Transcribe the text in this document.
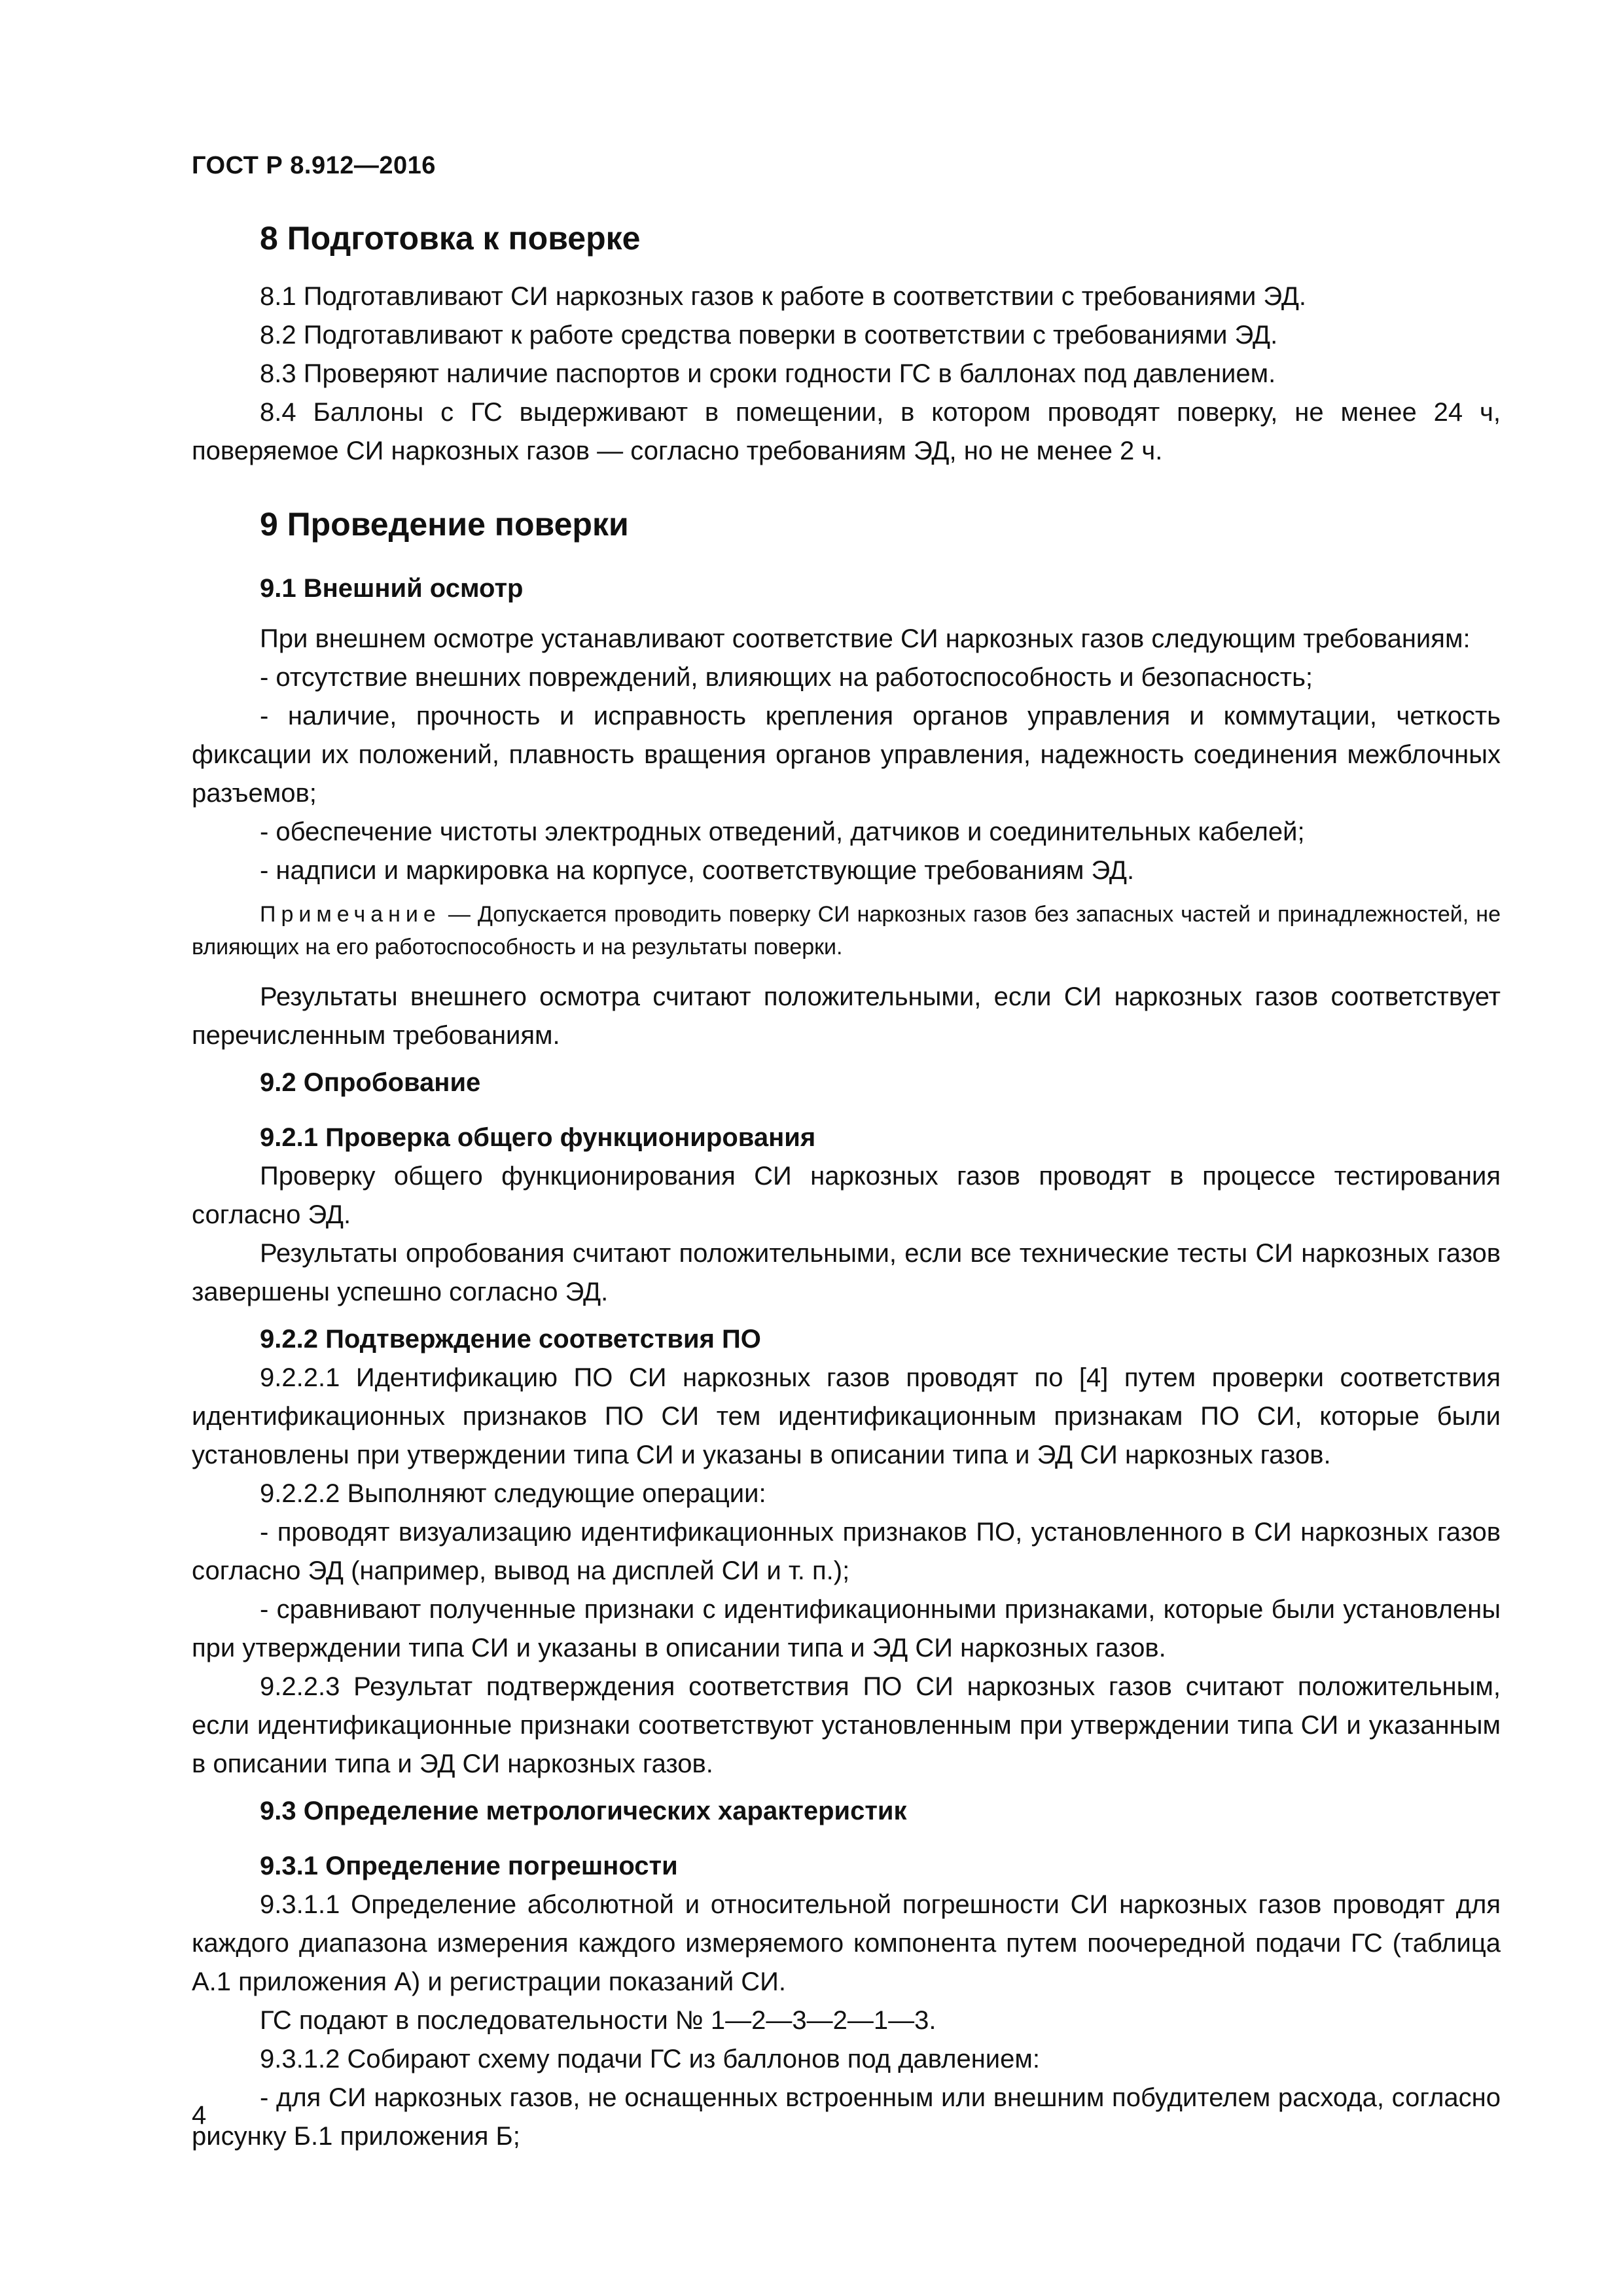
ГОСТ Р 8.912—2016
8 Подготовка к поверке

8.1 Подготавливают СИ наркозных газов к работе в соответствии с требованиями ЭД.

8.2 Подготавливают к работе средства поверки в соответствии с требованиями ЭД.

8.3 Проверяют наличие паспортов и сроки годности ГС в баллонах под давлением.

8.4 Баллоны с ГС выдерживают в помещении, в котором проводят поверку, не менее 24 ч, поверяемое СИ наркозных газов — согласно требованиям ЭД, но не менее 2 ч.

9 Проведение поверки
9.1 Внешний осмотр

При внешнем осмотре устанавливают соответствие СИ наркозных газов следующим требованиям:

- отсутствие внешних повреждений, влияющих на работоспособность и безопасность;

- наличие, прочность и исправность крепления органов управления и коммутации, четкость фиксации их положений, плавность вращения органов управления, надежность соединения межблочных разъемов;

- обеспечение чистоты электродных отведений, датчиков и соединительных кабелей;

- надписи и маркировка на корпусе, соответствующие требованиям ЭД.

Примечание — Допускается проводить поверку СИ наркозных газов без запасных частей и принадлежностей, не влияющих на его работоспособность и на результаты поверки.

Результаты внешнего осмотра считают положительными, если СИ наркозных газов соответствует перечисленным требованиям.

9.2 Опробование
9.2.1 Проверка общего функционирования

Проверку общего функционирования СИ наркозных газов проводят в процессе тестирования согласно ЭД.

Результаты опробования считают положительными, если все технические тесты СИ наркозных газов завершены успешно согласно ЭД.

9.2.2 Подтверждение соответствия ПО

9.2.2.1 Идентификацию ПО СИ наркозных газов проводят по [4] путем проверки соответствия идентификационных признаков ПО СИ тем идентификационным признакам ПО СИ, которые были установлены при утверждении типа СИ и указаны в описании типа и ЭД СИ наркозных газов.

9.2.2.2 Выполняют следующие операции:

- проводят визуализацию идентификационных признаков ПО, установленного в СИ наркозных газов согласно ЭД (например, вывод на дисплей СИ и т. п.);

- сравнивают полученные признаки с идентификационными признаками, которые были установлены при утверждении типа СИ и указаны в описании типа и ЭД СИ наркозных газов.

9.2.2.3 Результат подтверждения соответствия ПО СИ наркозных газов считают положительным, если идентификационные признаки соответствуют установленным при утверждении типа СИ и указанным в описании типа и ЭД СИ наркозных газов.

9.3 Определение метрологических характеристик
9.3.1 Определение погрешности

9.3.1.1 Определение абсолютной и относительной погрешности СИ наркозных газов проводят для каждого диапазона измерения каждого измеряемого компонента путем поочередной подачи ГС (таблица А.1 приложения А) и регистрации показаний СИ.

ГС подают в последовательности № 1—2—3—2—1—3.

9.3.1.2 Собирают схему подачи ГС из баллонов под давлением:

- для СИ наркозных газов, не оснащенных встроенным или внешним побудителем расхода, согласно рисунку Б.1 приложения Б;

4
